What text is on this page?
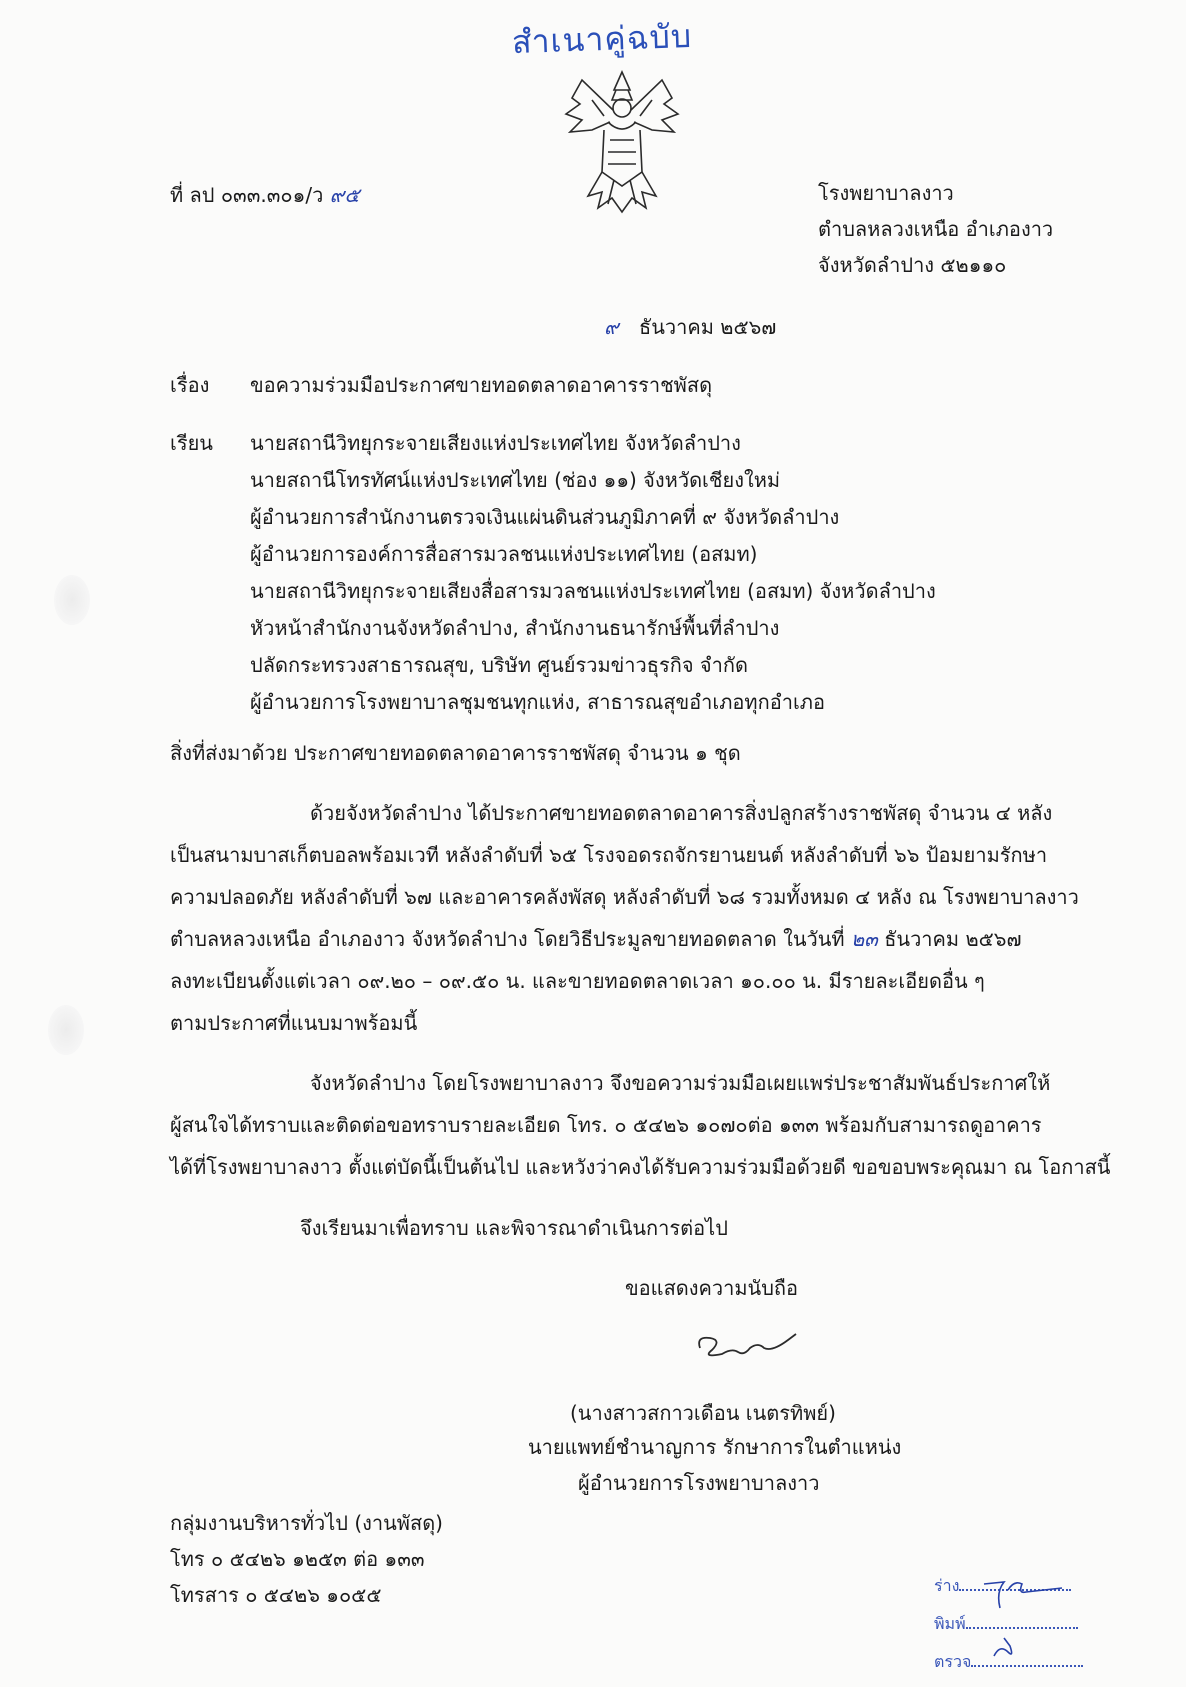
สำเนาคู่ฉบับ
ที่ ลป ๐๓๓.๓๐๑/ว ๙๕	โรงพยาบาลงาว
ตำบลหลวงเหนือ อำเภองาว
จังหวัดลำปาง ๕๒๑๑๐
๙ ธันวาคม ๒๕๖๗
เรื่อง ขอความร่วมมือประกาศขายทอดตลาดอาคารราชพัสดุ
เรียน นายสถานีวิทยุกระจายเสียงแห่งประเทศไทย จังหวัดลำปาง
นายสถานีโทรทัศน์แห่งประเทศไทย (ช่อง ๑๑) จังหวัดเชียงใหม่
ผู้อำนวยการสำนักงานตรวจเงินแผ่นดินส่วนภูมิภาคที่ ๙ จังหวัดลำปาง
ผู้อำนวยการองค์การสื่อสารมวลชนแห่งประเทศไทย (อสมท)
นายสถานีวิทยุกระจายเสียงสื่อสารมวลชนแห่งประเทศไทย (อสมท) จังหวัดลำปาง
หัวหน้าสำนักงานจังหวัดลำปาง, สำนักงานธนารักษ์พื้นที่ลำปาง
ปลัดกระทรวงสาธารณสุข, บริษัท ศูนย์รวมข่าวธุรกิจ จำกัด
ผู้อำนวยการโรงพยาบาลชุมชนทุกแห่ง, สาธารณสุขอำเภอทุกอำเภอ
สิ่งที่ส่งมาด้วย ประกาศขายทอดตลาดอาคารราชพัสดุ จำนวน ๑ ชุด
ด้วยจังหวัดลำปาง ได้ประกาศขายทอดตลาดอาคารสิ่งปลูกสร้างราชพัสดุ จำนวน ๔ หลัง
เป็นสนามบาสเก็ตบอลพร้อมเวที หลังลำดับที่ ๖๕ โรงจอดรถจักรยานยนต์ หลังลำดับที่ ๖๖ ป้อมยามรักษา
ความปลอดภัย หลังลำดับที่ ๖๗ และอาคารคลังพัสดุ หลังลำดับที่ ๖๘ รวมทั้งหมด ๔ หลัง ณ โรงพยาบาลงาว
ตำบลหลวงเหนือ อำเภองาว จังหวัดลำปาง โดยวิธีประมูลขายทอดตลาด ในวันที่ ๒๓ ธันวาคม ๒๕๖๗
ลงทะเบียนตั้งแต่เวลา ๐๙.๒๐ – ๐๙.๕๐ น. และขายทอดตลาดเวลา ๑๐.๐๐ น. มีรายละเอียดอื่น ๆ
ตามประกาศที่แนบมาพร้อมนี้
จังหวัดลำปาง โดยโรงพยาบาลงาว จึงขอความร่วมมือเผยแพร่ประชาสัมพันธ์ประกาศให้
ผู้สนใจได้ทราบและติดต่อขอทราบรายละเอียด โทร. ๐ ๕๔๒๖ ๑๐๗๐ต่อ ๑๓๓ พร้อมกับสามารถดูอาคาร
ได้ที่โรงพยาบาลงาว ตั้งแต่บัดนี้เป็นต้นไป และหวังว่าคงได้รับความร่วมมือด้วยดี ขอขอบพระคุณมา ณ โอกาสนี้
จึงเรียนมาเพื่อทราบ และพิจารณาดำเนินการต่อไป
ขอแสดงความนับถือ
(นางสาวสกาวเดือน เนตรทิพย์)
นายแพทย์ชำนาญการ รักษาการในตำแหน่ง
ผู้อำนวยการโรงพยาบาลงาว
กลุ่มงานบริหารทั่วไป (งานพัสดุ)
โทร ๐ ๕๔๒๖ ๑๒๕๓ ต่อ ๑๓๓
โทรสาร ๐ ๕๔๒๖ ๑๐๕๕	ร่าง
พิมพ์
ตรวจ
